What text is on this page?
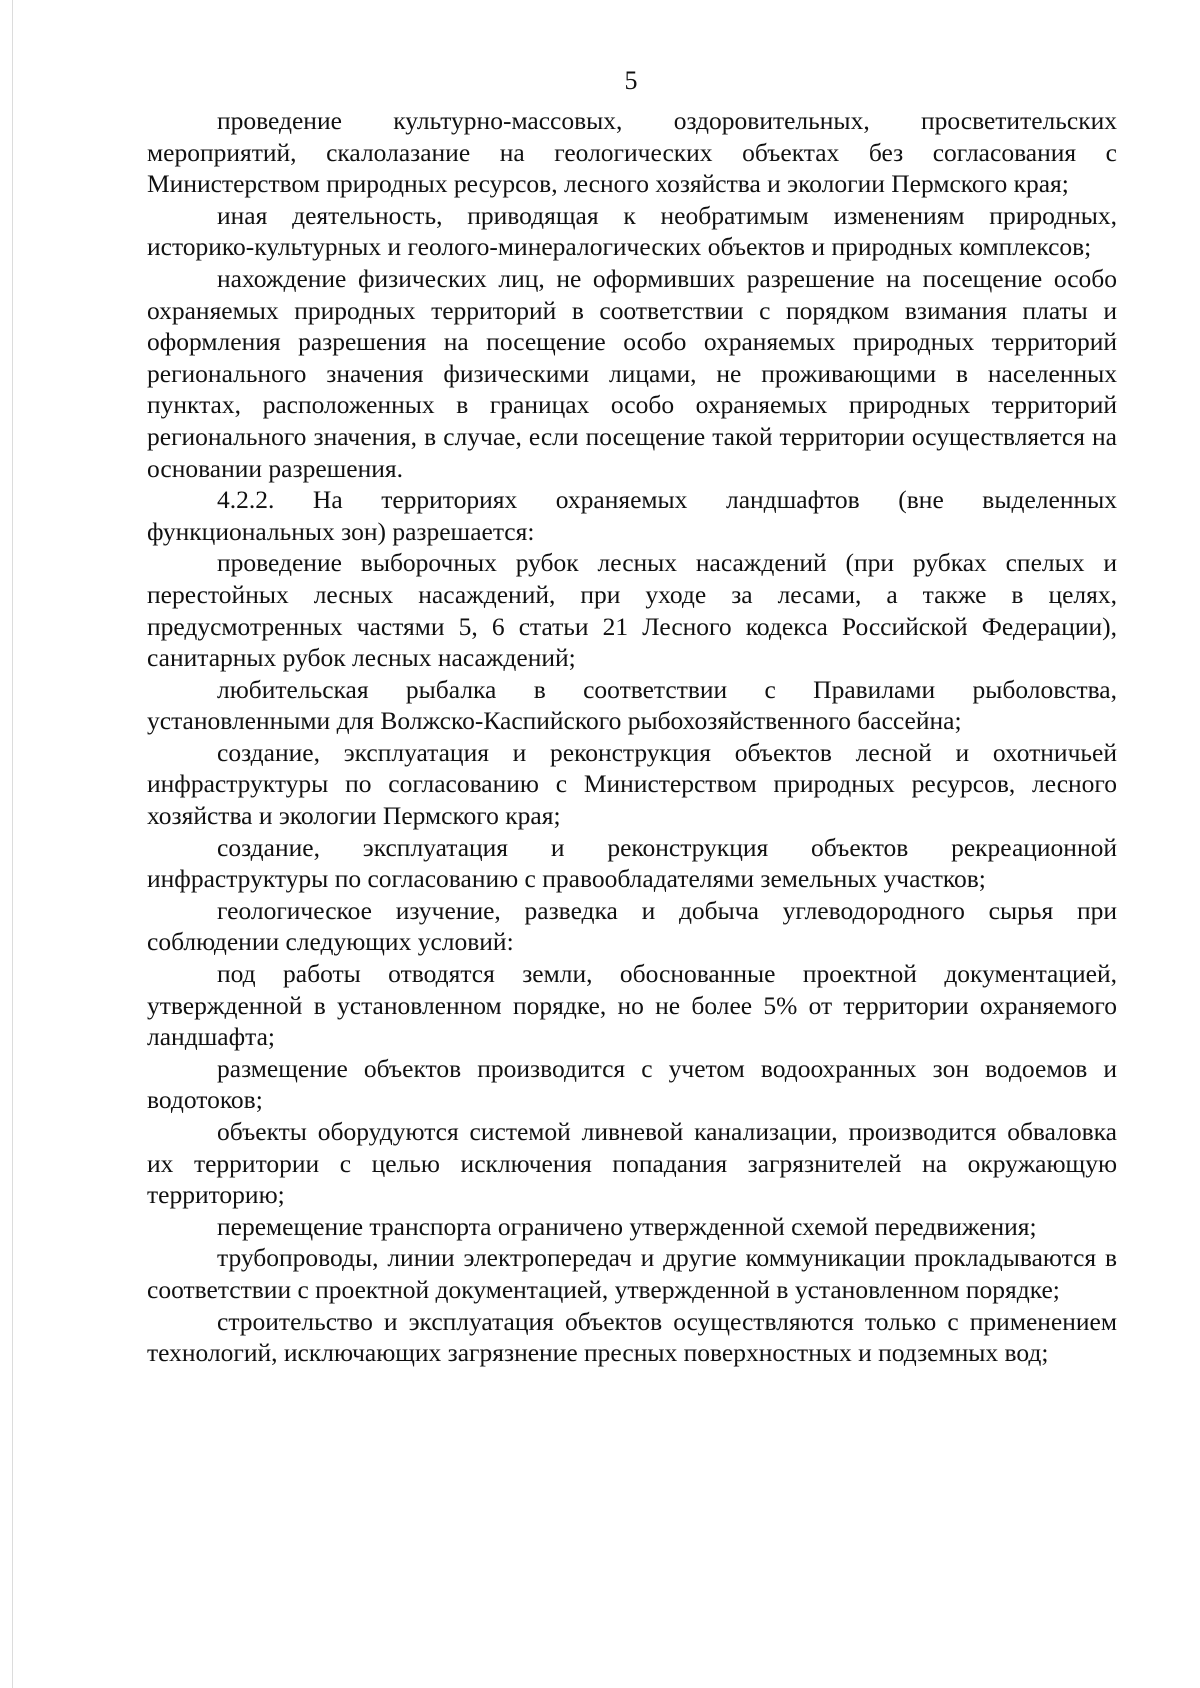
5

проведение культурно-массовых, оздоровительных, просветительских мероприятий, скалолазание на геологических объектах без согласования с Министерством природных ресурсов, лесного хозяйства и экологии Пермского края;

иная деятельность, приводящая к необратимым изменениям природных, историко-культурных и геолого-минералогических объектов и природных комплексов;

нахождение физических лиц, не оформивших разрешение на посещение особо охраняемых природных территорий в соответствии с порядком взимания платы и оформления разрешения на посещение особо охраняемых природных территорий регионального значения физическими лицами, не проживающими в населенных пунктах, расположенных в границах особо охраняемых природных территорий регионального значения, в случае, если посещение такой территории осуществляется на основании разрешения.

4.2.2. На территориях охраняемых ландшафтов (вне выделенных функциональных зон) разрешается:

проведение выборочных рубок лесных насаждений (при рубках спелых и перестойных лесных насаждений, при уходе за лесами, а также в целях, предусмотренных частями 5, 6 статьи 21 Лесного кодекса Российской Федерации), санитарных рубок лесных насаждений;

любительская рыбалка в соответствии с Правилами рыболовства, установленными для Волжско-Каспийского рыбохозяйственного бассейна;

создание, эксплуатация и реконструкция объектов лесной и охотничьей инфраструктуры по согласованию с Министерством природных ресурсов, лесного хозяйства и экологии Пермского края;

создание, эксплуатация и реконструкция объектов рекреационной инфраструктуры по согласованию с правообладателями земельных участков;

геологическое изучение, разведка и добыча углеводородного сырья при соблюдении следующих условий:

под работы отводятся земли, обоснованные проектной документацией, утвержденной в установленном порядке, но не более 5% от территории охраняемого ландшафта;

размещение объектов производится с учетом водоохранных зон водоемов и водотоков;

объекты оборудуются системой ливневой канализации, производится обваловка их территории с целью исключения попадания загрязнителей на окружающую территорию;

перемещение транспорта ограничено утвержденной схемой передвижения;

трубопроводы, линии электропередач и другие коммуникации прокладываются в соответствии с проектной документацией, утвержденной в установленном порядке;

строительство и эксплуатация объектов осуществляются только с применением технологий, исключающих загрязнение пресных поверхностных и подземных вод;
